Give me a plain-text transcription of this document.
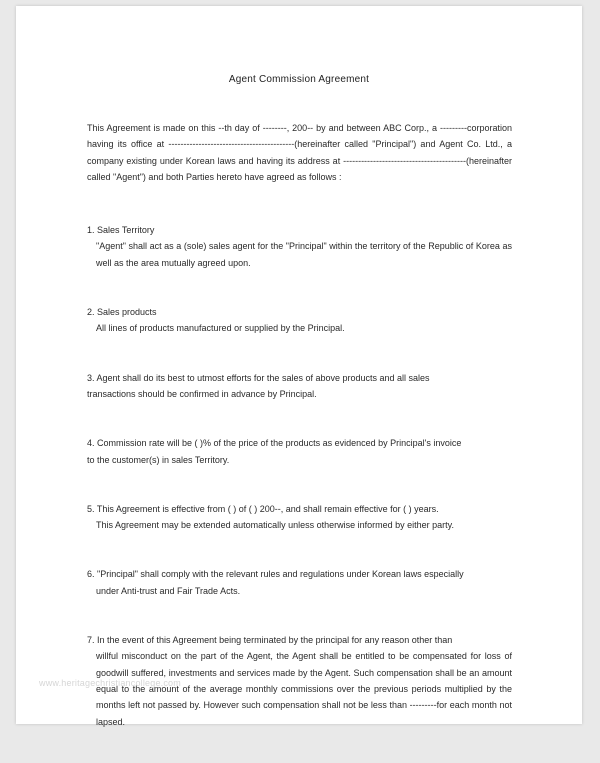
Agent Commission Agreement

This Agreement is made on this --th day of --------, 200-- by and between ABC Corp., a ---------corporation having its office at ------------------------------------------(hereinafter called "Principal") and Agent Co. Ltd., a company existing under Korean laws and having its address at -----------------------------------------(hereinafter called "Agent") and both Parties hereto have agreed as follows :

1. Sales Territory

"Agent" shall act as a (sole) sales agent for the "Principal" within the territory of the Republic of Korea as well as the area mutually agreed upon.

2. Sales products

All lines of products manufactured or supplied by the Principal.

3. Agent shall do its best to utmost efforts for the sales of above products and all sales

transactions should be confirmed in advance by Principal.

4. Commission rate will be ( )% of the price of the products as evidenced by Principal's invoice

to the customer(s) in sales Territory.

5. This Agreement is effective from ( ) of ( ) 200--, and shall remain effective for ( ) years.

This Agreement may be extended automatically unless otherwise informed by either party.

6. "Principal" shall comply with the relevant rules and regulations under Korean laws especially

under Anti-trust and Fair Trade Acts.

7. In the event of this Agreement being terminated by the principal for any reason other than

willful misconduct on the part of the Agent, the Agent shall be entitled to be compensated for loss of goodwill suffered, investments and services made by the Agent. Such compensation shall be an amount equal to the amount of the average monthly commissions over the previous periods multiplied by the months left not passed by. However such compensation shall not be less than ---------for each month not lapsed.

www.heritagechristiancollege.com
